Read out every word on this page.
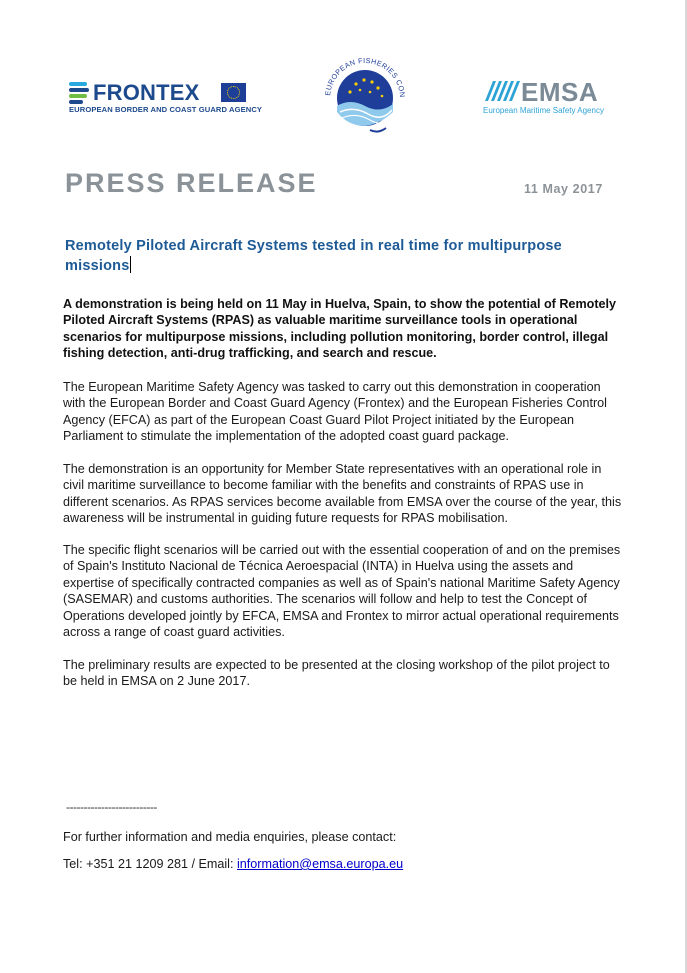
FRONTEX
EUROPEAN BORDER AND COAST GUARD AGENCY
EUROPEAN FISHERIES CON	EMSA
European Maritime Safety Agency
PRESS RELEASE	11 May 2017
Remotely Piloted Aircraft Systems tested in real time for multipurpose missions
A demonstration is being held on 11 May in Huelva, Spain, to show the potential of Remotely Piloted Aircraft Systems (RPAS) as valuable maritime surveillance tools in operational scenarios for multipurpose missions, including pollution monitoring, border control, illegal fishing detection, anti-drug trafficking, and search and rescue.
The European Maritime Safety Agency was tasked to carry out this demonstration in cooperation with the European Border and Coast Guard Agency (Frontex) and the European Fisheries Control Agency (EFCA) as part of the European Coast Guard Pilot Project initiated by the European Parliament to stimulate the implementation of the adopted coast guard package.
The demonstration is an opportunity for Member State representatives with an operational role in civil maritime surveillance to become familiar with the benefits and constraints of RPAS use in different scenarios. As RPAS services become available from EMSA over the course of the year, this awareness will be instrumental in guiding future requests for RPAS mobilisation.
The specific flight scenarios will be carried out with the essential cooperation of and on the premises of Spain's Instituto Nacional de Técnica Aeroespacial (INTA) in Huelva using the assets and expertise of specifically contracted companies as well as of Spain's national Maritime Safety Agency (SASEMAR) and customs authorities. The scenarios will follow and help to test the Concept of Operations developed jointly by EFCA, EMSA and Frontex to mirror actual operational requirements across a range of coast guard activities.
The preliminary results are expected to be presented at the closing workshop of the pilot project to be held in EMSA on 2 June 2017.
--------------------------
For further information and media enquiries, please contact:
Tel: +351 21 1209 281 / Email: information@emsa.europa.eu
